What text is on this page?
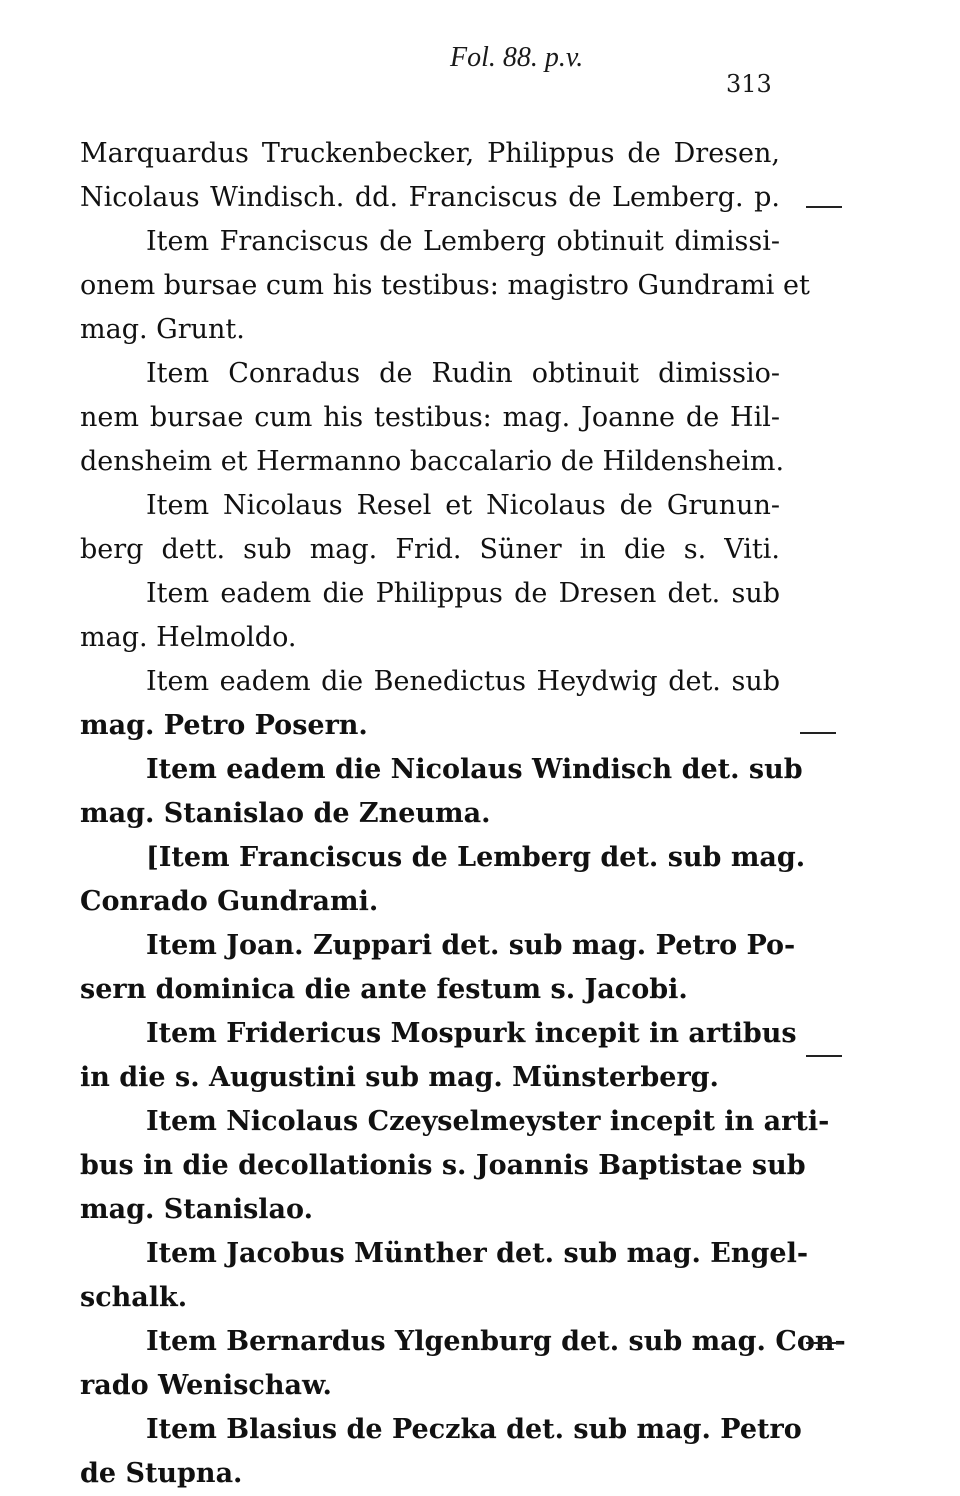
Fol. 88. p.v.
313
Marquardus Truckenbecker, Philippus de Dresen,
Nicolaus Windisch. dd. Franciscus de Lemberg. p.
Item Franciscus de Lemberg obtinuit dimissi-
onem bursae cum his testibus: magistro Gundrami et
mag. Grunt.
Item Conradus de Rudin obtinuit dimissio-
nem bursae cum his testibus: mag. Joanne de Hil-
densheim et Hermanno baccalario de Hildensheim.
Item Nicolaus Resel et Nicolaus de Grunun-
berg dett. sub mag. Frid. Süner in die s. Viti.
Item eadem die Philippus de Dresen det. sub
mag. Helmoldo.
Item eadem die Benedictus Heydwig det. sub
mag. Petro Posern.
Item eadem die Nicolaus Windisch det. sub
mag. Stanislao de Zneuma.
[Item Franciscus de Lemberg det. sub mag.
Conrado Gundrami.
Item Joan. Zuppari det. sub mag. Petro Po-
sern dominica die ante festum s. Jacobi.
Item Fridericus Mospurk incepit in artibus
in die s. Augustini sub mag. Münsterberg.
Item Nicolaus Czeyselmeyster incepit in arti-
bus in die decollationis s. Joannis Baptistae sub
mag. Stanislao.
Item Jacobus Münther det. sub mag. Engel-
schalk.
Item Bernardus Ylgenburg det. sub mag. Con-
rado Wenischaw.
Item Blasius de Peczka det. sub mag. Petro
de Stupna.
